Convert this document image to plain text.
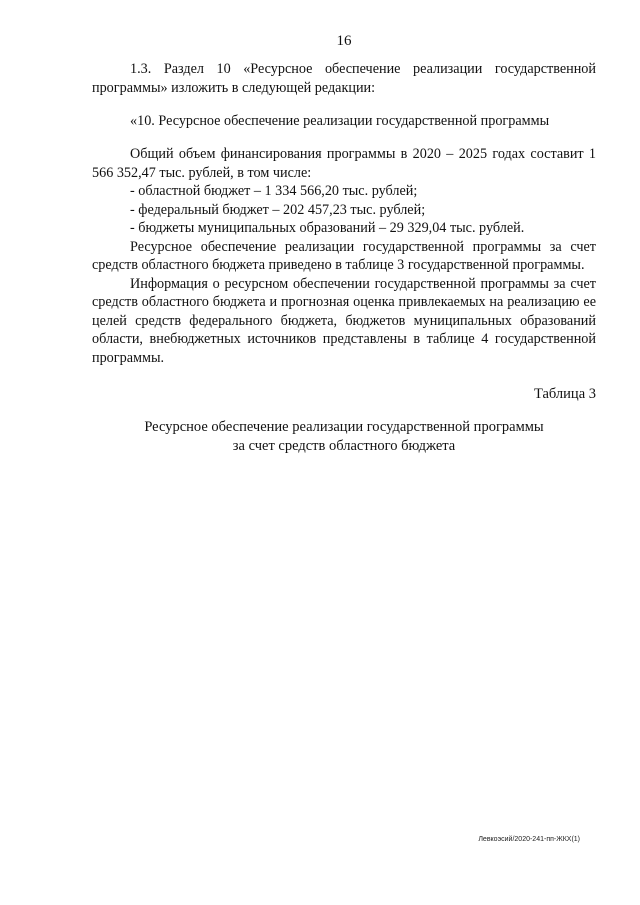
16

1.3. Раздел 10 «Ресурсное обеспечение реализации государственной программы» изложить в следующей редакции:

«10. Ресурсное обеспечение реализации государственной программы

Общий объем финансирования программы в 2020 – 2025 годах составит 1 566 352,47 тыс. рублей, в том числе:

- областной бюджет – 1 334 566,20 тыс. рублей;

- федеральный бюджет – 202 457,23 тыс. рублей;

- бюджеты муниципальных образований – 29 329,04 тыс. рублей.

Ресурсное обеспечение реализации государственной программы за счет средств областного бюджета приведено в таблице 3 государственной программы.

Информация о ресурсном обеспечении государственной программы за счет средств областного бюджета и прогнозная оценка привлекаемых на реализацию ее целей средств федерального бюджета, бюджетов муниципальных образований области, внебюджетных источников представлены в таблице 4 государственной программы.

Таблица 3
Ресурсное обеспечение реализации государственной программы
за счет средств областного бюджета
Левкоэсий/2020-241-пп-ЖКХ(1)
